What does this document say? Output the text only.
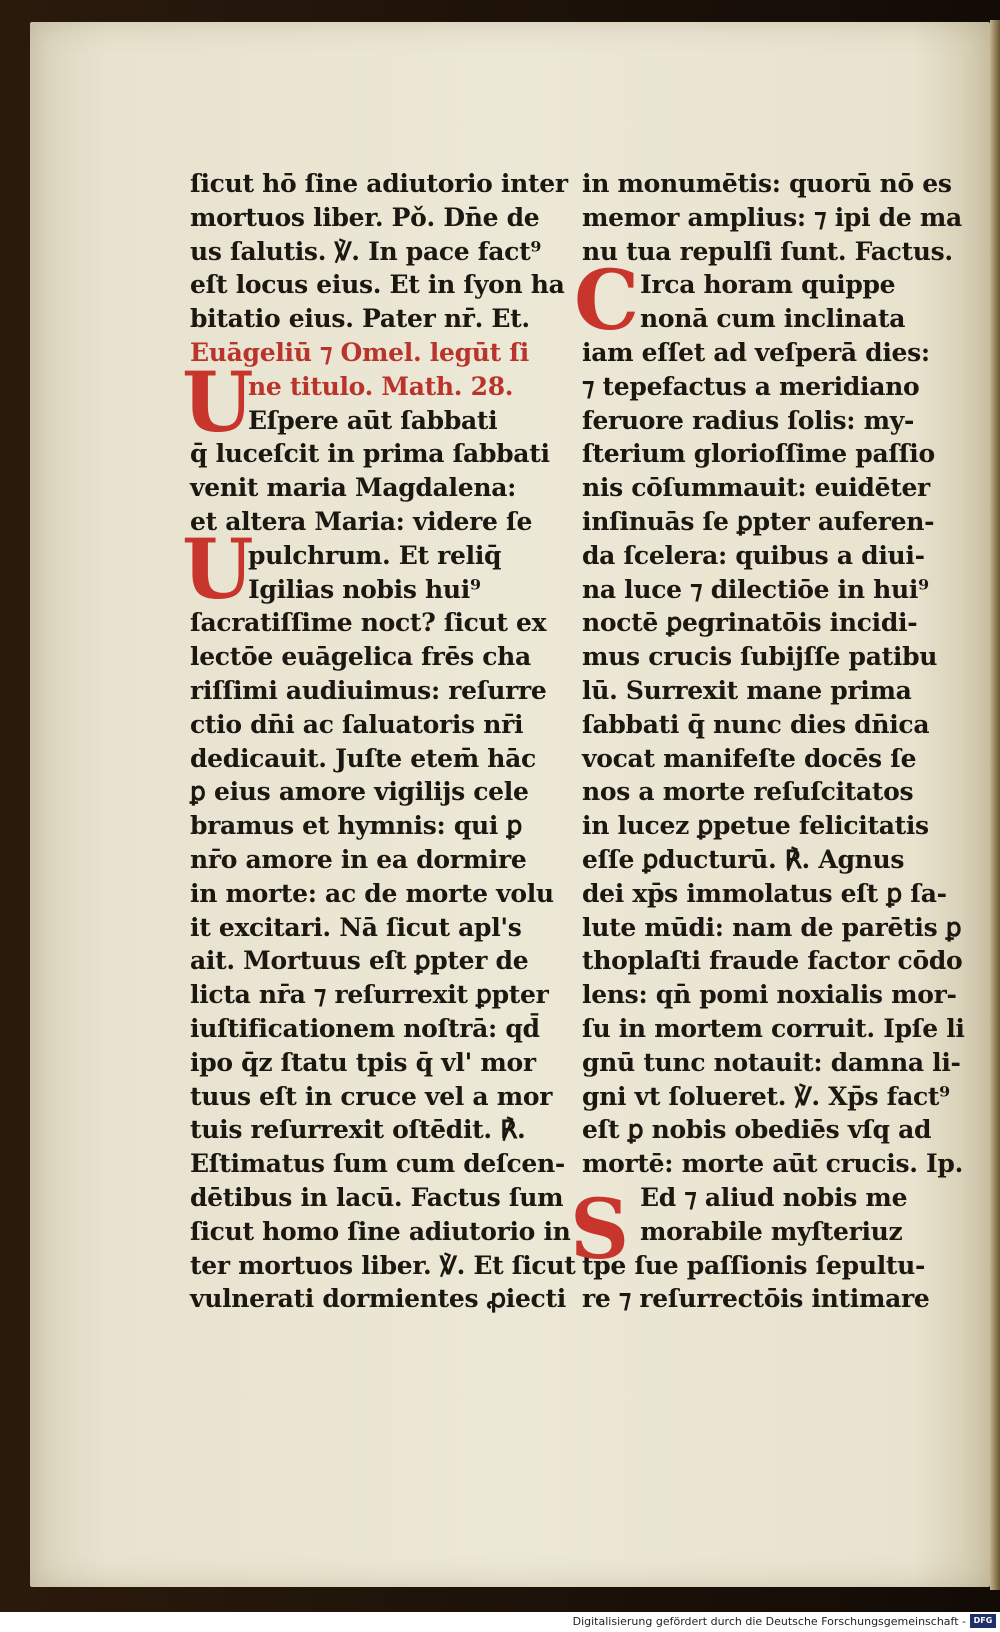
U
U
ſicut hō ſine adiutorio inter
mortuos liber. Pǒ. Dn̄e de
us ſalutis. ℣. In pace fact⁹
eſt locus eius. Et in ſyon ha
bitatio eius. Pater nr̄. Et.
Euāgeliū ⁊ Omel. legūt ſi
ne titulo. Math. 28.
Eſpere aūt ſabbati
q̄ luceſcit in prima ſabbati
venit maria Magdalena:
et altera Maria: videre ſe
pulchrum. Et reliq̄
Igilias nobis hui⁹
ſacratiſſime noct? ſicut ex
lectōe euāgelica frēs cha
riſſimi audiuimus: reſurre
ctio dn̄i ac ſaluatoris nr̄i
dedicauit. Juſte etem̄ hāc
ꝑ eius amore vigilijs cele
bramus et hymnis: qui ꝑ
nr̄o amore in ea dormire
in morte: ac de morte volu
it excitari. Nā ſicut apl's
ait. Mortuus eſt ꝑpter de
licta nr̄a ⁊ reſurrexit ꝑpter
iuſtificationem noſtrā: qd̄
ipo q̄z ſtatu tpis q̄ vl' mor
tuus eſt in cruce vel a mor
tuis reſurrexit oſtēdit. ℟.
Eſtimatus ſum cum deſcen-
dētibus in lacū. Factus ſum
ſicut homo ſine adiutorio in
ter mortuos liber. ℣. Et ſicut
vulnerati dormientes ꝓiecti
C
S
in monumētis: quorū nō es
memor amplius: ⁊ ipi de ma
nu tua repulſi ſunt. Factus.
Irca horam quippe
nonā cum inclinata
iam eſſet ad veſperā dies:
⁊ tepefactus a meridiano
feruore radius ſolis: my-
ſterium glorioſſime paſſio
nis cōſummauit: euidēter
inſinuās ſe ꝑpter auferen-
da ſcelera: quibus a diui-
na luce ⁊ dilectiōe in hui⁹
noctē ꝑegrinatōis incidi-
mus crucis ſubijſſe patibu
lū. Surrexit mane prima
ſabbati q̄ nunc dies dn̄ica
vocat manifeſte docēs ſe
nos a morte reſuſcitatos
in lucez ꝑpetue felicitatis
eſſe ꝑducturū. ℟. Agnus
dei xp̄s immolatus eſt ꝑ ſa-
lute mūdi: nam de parētis ꝑ
thoplaſti fraude factor cōdo
lens: qn̄ pomi noxialis mor-
ſu in mortem corruit. Ipſe li
gnū tunc notauit: damna li-
gni vt ſolueret. ℣. Xp̄s fact⁹
eſt ꝑ nobis obediēs vſq ad
mortē: morte aūt crucis. Ip.
Ed ⁊ aliud nobis me
morabile myſteriuz
tpe ſue paſſionis ſepultu-
re ⁊ reſurrectōis intimare
Digitalisierung gefördert durch die Deutsche Forschungsgemeinschaft - DFG
